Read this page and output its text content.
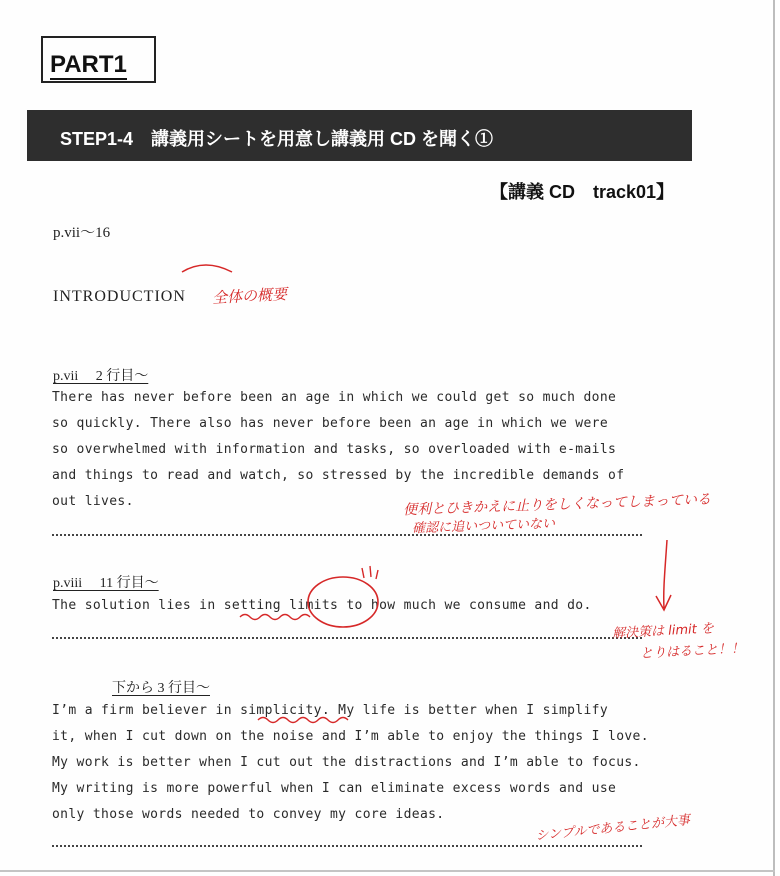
PART1
STEP1-4　講義用シートを用意し講義用 CD を聞く①
【講義 CD　track01】
p.vii～16
INTRODUCTION
p.vii　 2 行目～
There has never before been an age in which we could get so much done
so quickly. There also has never before been an age in which we were
so overwhelmed with information and tasks, so overloaded with e-mails
and things to read and watch, so stressed by the incredible demands of
out lives.
p.viii　 11 行目～
The solution lies in setting limits to how much we consume and do.
下から 3 行目～
I’m a firm believer in simplicity. My life is better when I simplify
it, when I cut down on the noise and I’m able to enjoy the things I love.
My work is better when I cut out the distractions and I’m able to focus.
My writing is more powerful when I can eliminate excess words and use
only those words needed to convey my core ideas.
全体の概要
便利とひきかえに止りをしくなってしまっている
確認に追いついていない
解決策は limit を
とりはること！！
シンプルであることが大事
